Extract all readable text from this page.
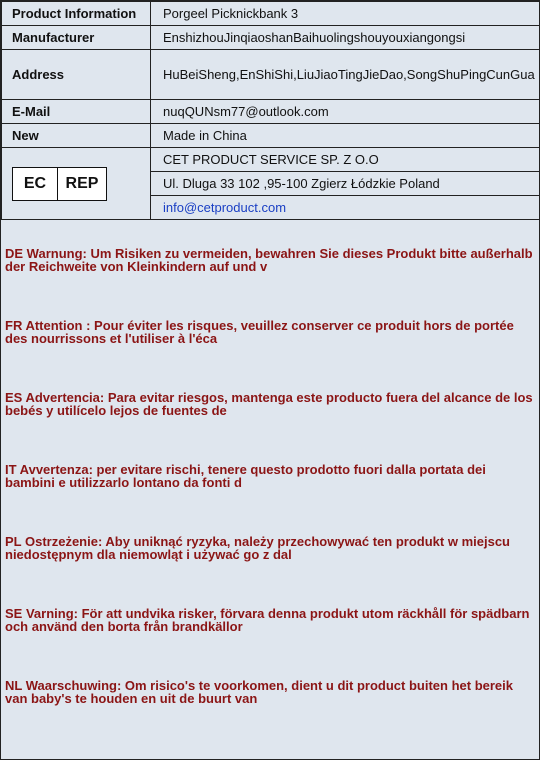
Product Information	Porgeel Picknickbank 3
Manufacturer	EnshizhouJinqiaoshanBaihuolingshouyouxiangongsi
Address	HuBeiSheng,EnShiShi,LiuJiaoTingJieDao,SongShuPingCunGua
E-Mail	nuqQUNsm77@outlook.com
New	Made in China

EC REP	CET PRODUCT SERVICE SP. Z O.O
	Ul. Dluga 33 102 ,95-100 Zgierz Łódzkie Poland
	info@cetproduct.com
DE Warnung: Um Risiken zu vermeiden, bewahren Sie dieses Produkt bitte außerhalb der Reichweite von Kleinkindern auf und v
FR Attention : Pour éviter les risques, veuillez conserver ce produit hors de portée des nourrissons et l'utiliser à l'éca
ES Advertencia: Para evitar riesgos, mantenga este producto fuera del alcance de los bebés y utilícelo lejos de fuentes de
IT Avvertenza: per evitare rischi, tenere questo prodotto fuori dalla portata dei bambini e utilizzarlo lontano da fonti d
PL Ostrzeżenie: Aby uniknąć ryzyka, należy przechowywać ten produkt w miejscu niedostępnym dla niemowląt i używać go z dal
SE Varning: För att undvika risker, förvara denna produkt utom räckhåll för spädbarn och använd den borta från brandkällor
NL Waarschuwing: Om risico's te voorkomen, dient u dit product buiten het bereik van baby's te houden en uit de buurt van
